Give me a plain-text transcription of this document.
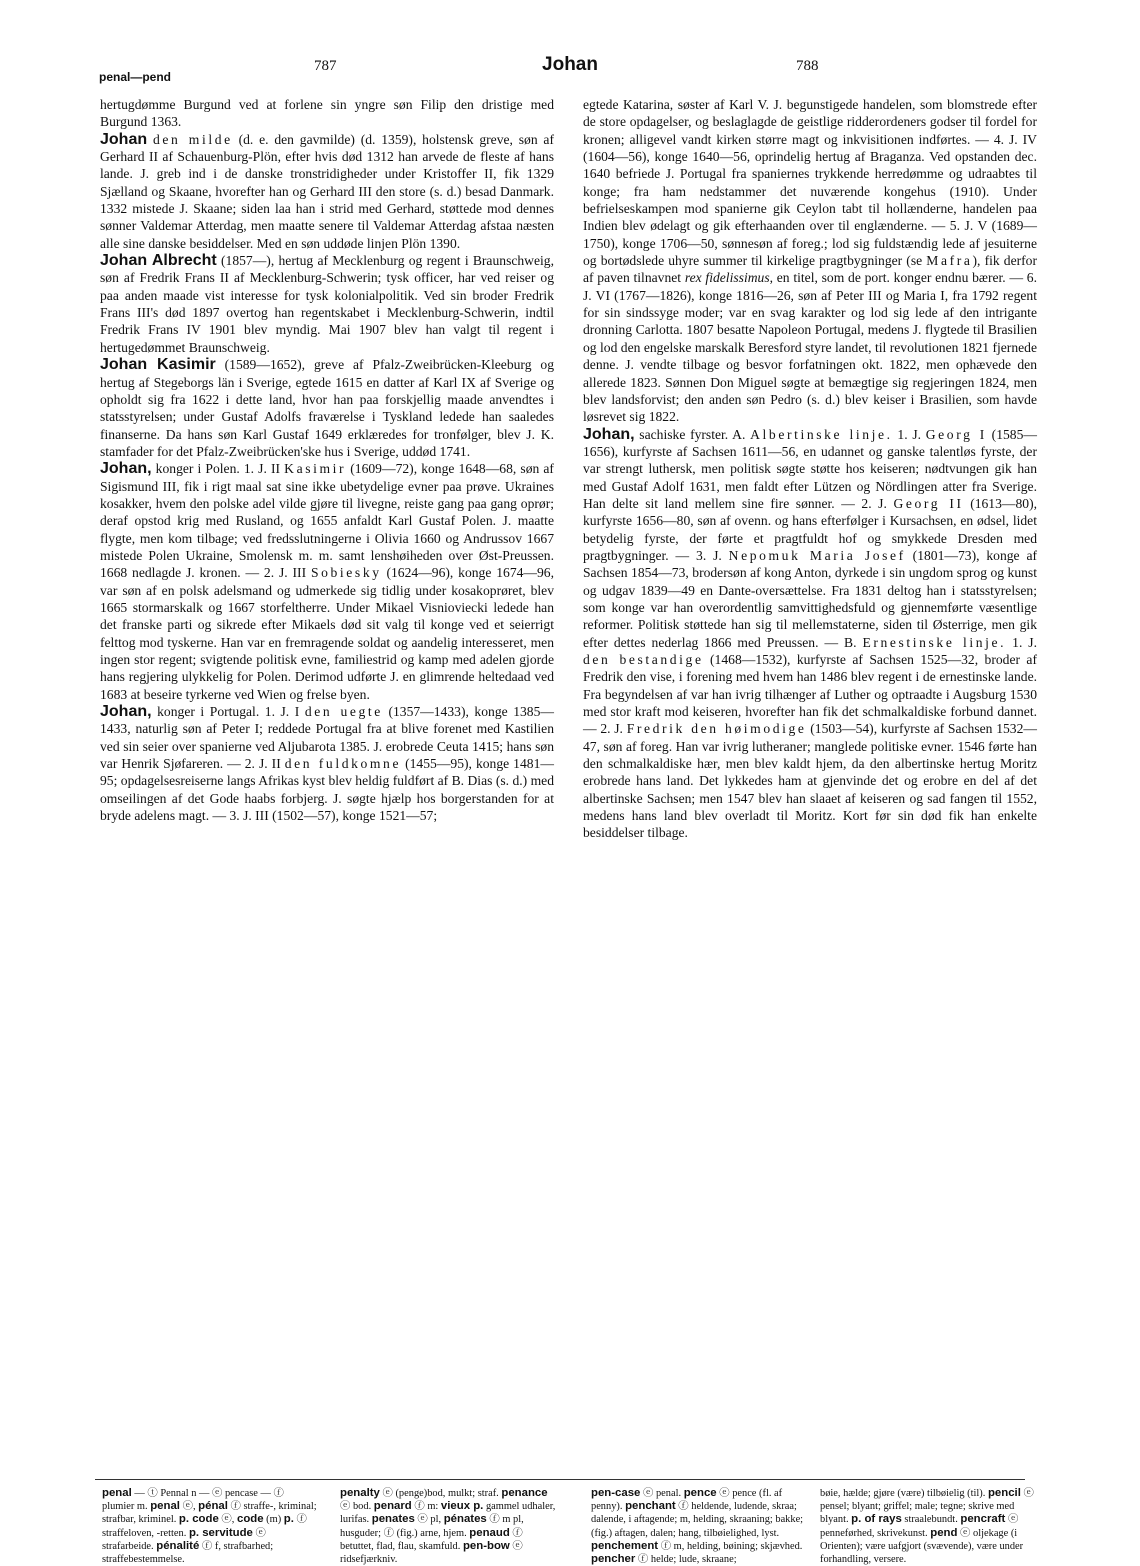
787	Johan	788
penal—pend

hertugdømme Burgund ved at forlene sin yngre søn Filip den dristige med Burgund 1363.

Johan den milde (d. e. den gavmilde) (d. 1359), holstensk greve, søn af Gerhard II af Schauenburg-Plön, efter hvis død 1312 han arvede de fleste af hans lande. J. greb ind i de danske tronstridigheder under Kristoffer II, fik 1329 Sjælland og Skaane, hvorefter han og Gerhard III den store (s. d.) besad Danmark. 1332 mistede J. Skaane; siden laa han i strid med Gerhard, støttede mod dennes sønner Valdemar Atterdag, men maatte senere til Valdemar Atterdag afstaa næsten alle sine danske besiddelser. Med en søn uddøde linjen Plön 1390.

Johan Albrecht (1857—), hertug af Mecklenburg og regent i Braunschweig, søn af Fredrik Frans II af Mecklenburg-Schwerin; tysk officer, har ved reiser og paa anden maade vist interesse for tysk kolonialpolitik. Ved sin broder Fredrik Frans III's død 1897 overtog han regentskabet i Mecklenburg-Schwerin, indtil Fredrik Frans IV 1901 blev myndig. Mai 1907 blev han valgt til regent i hertugedømmet Braunschweig.

Johan Kasimir (1589—1652), greve af Pfalz-Zweibrücken-Kleeburg og hertug af Stegeborgs län i Sverige, egtede 1615 en datter af Karl IX af Sverige og opholdt sig fra 1622 i dette land, hvor han paa forskjellig maade anvendtes i statsstyrelsen; under Gustaf Adolfs fraværelse i Tyskland ledede han saaledes finanserne. Da hans søn Karl Gustaf 1649 erklæredes for tronfølger, blev J. K. stamfader for det Pfalz-Zweibrücken'ske hus i Sverige, uddød 1741.

Johan, konger i Polen. 1. J. II Kasimir (1609—72), konge 1648—68, søn af Sigismund III, fik i rigt maal sat sine ikke ubetydelige evner paa prøve. Ukraines kosakker, hvem den polske adel vilde gjøre til livegne, reiste gang paa gang oprør; deraf opstod krig med Rusland, og 1655 anfaldt Karl Gustaf Polen. J. maatte flygte, men kom tilbage; ved fredsslutningerne i Olivia 1660 og Andrussov 1667 mistede Polen Ukraine, Smolensk m. m. samt lenshøiheden over Øst-Preussen. 1668 nedlagde J. kronen. — 2. J. III Sobiesky (1624—96), konge 1674—96, var søn af en polsk adelsmand og udmerkede sig tidlig under kosakoprøret, blev 1665 stormarskalk og 1667 storfeltherre. Under Mikael Visnioviecki ledede han det franske parti og sikrede efter Mikaels død sit valg til konge ved et seierrigt felttog mod tyskerne. Han var en fremragende soldat og aandelig interesseret, men ingen stor regent; svigtende politisk evne, familiestrid og kamp med adelen gjorde hans regjering ulykkelig for Polen. Derimod udførte J. en glimrende heltedaad ved 1683 at beseire tyrkerne ved Wien og frelse byen.

Johan, konger i Portugal. 1. J. I den uegte (1357—1433), konge 1385—1433, naturlig søn af Peter I; reddede Portugal fra at blive forenet med Kastilien ved sin seier over spanierne ved Aljubarota 1385. J. erobrede Ceuta 1415; hans søn var Henrik Sjøfareren. — 2. J. II den fuldkomne (1455—95), konge 1481—95; opdagelsesreiserne langs Afrikas kyst blev heldig fuldført af B. Dias (s. d.) med omseilingen af det Gode haabs forbjerg. J. søgte hjælp hos borgerstanden for at bryde adelens magt. — 3. J. III (1502—57), konge 1521—57;

egtede Katarina, søster af Karl V. J. begunstigede handelen, som blomstrede efter de store opdagelser, og beslaglagde de geistlige ridderordeners godser til fordel for kronen; alligevel vandt kirken større magt og inkvisitionen indførtes. — 4. J. IV (1604—56), konge 1640—56, oprindelig hertug af Braganza. Ved opstanden dec. 1640 befriede J. Portugal fra spaniernes trykkende herredømme og udraabtes til konge; fra ham nedstammer det nuværende kongehus (1910). Under befrielseskampen mod spanierne gik Ceylon tabt til hollænderne, handelen paa Indien blev ødelagt og gik efterhaanden over til englænderne. — 5. J. V (1689—1750), konge 1706—50, sønnesøn af foreg.; lod sig fuldstændig lede af jesuiterne og bortødslede uhyre summer til kirkelige pragtbygninger (se Mafra), fik derfor af paven tilnavnet rex fidelissimus, en titel, som de port. konger endnu bærer. — 6. J. VI (1767—1826), konge 1816—26, søn af Peter III og Maria I, fra 1792 regent for sin sindssyge moder; var en svag karakter og lod sig lede af den intrigante dronning Carlotta. 1807 besatte Napoleon Portugal, medens J. flygtede til Brasilien og lod den engelske marskalk Beresford styre landet, til revolutionen 1821 fjernede denne. J. vendte tilbage og besvor forfatningen okt. 1822, men ophævede den allerede 1823. Sønnen Don Miguel søgte at bemægtige sig regjeringen 1824, men blev landsforvist; den anden søn Pedro (s. d.) blev keiser i Brasilien, som havde løsrevet sig 1822.

Johan, sachiske fyrster. A. Albertinske linje. 1. J. Georg I (1585—1656), kurfyrste af Sachsen 1611—56, en udannet og ganske talentløs fyrste, der var strengt luthersk, men politisk søgte støtte hos keiseren; nødtvungen gik han med Gustaf Adolf 1631, men faldt efter Lützen og Nördlingen atter fra Sverige. Han delte sit land mellem sine fire sønner. — 2. J. Georg II (1613—80), kurfyrste 1656—80, søn af ovenn. og hans efterfølger i Kursachsen, en ødsel, lidet betydelig fyrste, der førte et pragtfuldt hof og smykkede Dresden med pragtbygninger. — 3. J. Nepomuk Maria Josef (1801—73), konge af Sachsen 1854—73, brodersøn af kong Anton, dyrkede i sin ungdom sprog og kunst og udgav 1839—49 en Dante-oversættelse. Fra 1831 deltog han i statsstyrelsen; som konge var han overordentlig samvittighedsfuld og gjennemførte væsentlige reformer. Politisk støttede han sig til mellemstaterne, siden til Østerrige, men gik efter dettes nederlag 1866 med Preussen. — B. Ernestinske linje. 1. J. den bestandige (1468—1532), kurfyrste af Sachsen 1525—32, broder af Fredrik den vise, i forening med hvem han 1486 blev regent i de ernestinske lande. Fra begyndelsen af var han ivrig tilhænger af Luther og optraadte i Augsburg 1530 med stor kraft mod keiseren, hvorefter han fik det schmalkaldiske forbund dannet. — 2. J. Fredrik den høimodige (1503—54), kurfyrste af Sachsen 1532—47, søn af foreg. Han var ivrig lutheraner; manglede politiske evner. 1546 førte han den schmalkaldiske hær, men blev kaldt hjem, da den albertinske hertug Moritz erobrede hans land. Det lykkedes ham at gjenvinde det og erobre en del af det albertinske Sachsen; men 1547 blev han slaaet af keiseren og sad fangen til 1552, medens hans land blev overladt til Moritz. Kort før sin død fik han enkelte besiddelser tilbage.

penal — ⓣ Pennal n — ⓔ pencase — ⓕ plumier m. penal ⓔ, pénal ⓕ straffe-, kriminal; strafbar, kriminel. p. code ⓔ, code (m) p. ⓕ straffeloven, -retten. p. servitude ⓔ strafarbeide. pénalité ⓕ f, strafbarhed; straffebestemmelse.

penalty ⓔ (penge)bod, mulkt; straf. penance ⓔ bod. penard ⓕ m: vieux p. gammel udhaler, lurifas. penates ⓔ pl, pénates ⓕ m pl, husguder; ⓕ (fig.) arne, hjem. penaud ⓕ betuttet, flad, flau, skamfuld. pen-bow ⓔ ridsefjærkniv.

pen-case ⓔ penal. pence ⓔ pence (fl. af penny). penchant ⓕ heldende, ludende, skraa; dalende, i aftagende; m, helding, skraaning; bakke; (fig.) aftagen, dalen; hang, tilbøielighed, lyst. penchement ⓕ m, helding, bøining; skjævhed. pencher ⓕ helde; lude, skraane;

bøie, hælde; gjøre (være) tilbøielig (til). pencil ⓔ pensel; blyant; griffel; male; tegne; skrive med blyant. p. of rays straalebundt. pencraft ⓔ penneførhed, skrivekunst. pend ⓔ oljekage (i Orienten); være uafgjort (svævende), være under forhandling, versere.
